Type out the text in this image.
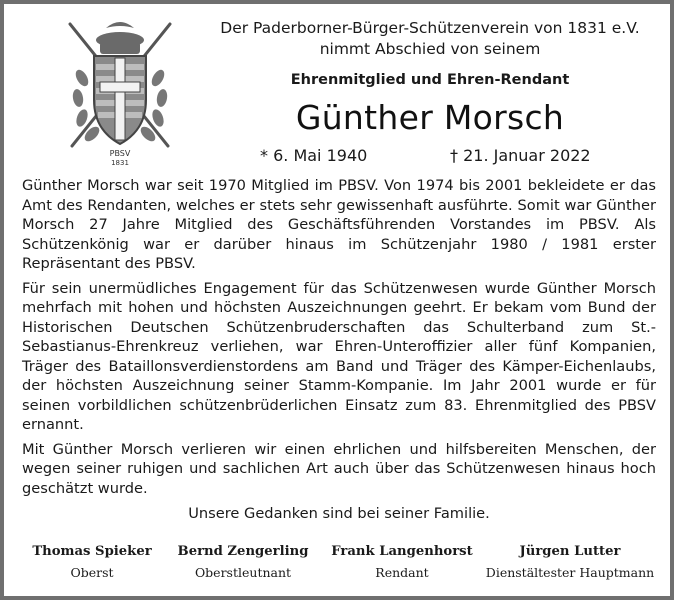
PBSV
1831
Der Paderborner-Bürger-Schützenverein von 1831 e.V.
nimmt Abschied von seinem
Ehrenmitglied und Ehren-Rendant
Günther Morsch
* 6. Mai 1940	† 21. Januar 2022

Günther Morsch war seit 1970 Mitglied im PBSV. Von 1974 bis 2001 bekleidete er das Amt des Rendanten, welches er stets sehr gewissenhaft ausführte. Somit war Günther Morsch 27 Jahre Mitglied des Geschäftsführenden Vorstandes im PBSV. Als Schützenkönig war er darüber hinaus im Schützenjahr 1980 / 1981 erster Repräsentant des PBSV.

Für sein unermüdliches Engagement für das Schützenwesen wurde Günther Morsch mehrfach mit hohen und höchsten Auszeichnungen geehrt. Er bekam vom Bund der Historischen Deutschen Schützenbruderschaften das Schulterband zum St.-Sebastianus-Ehrenkreuz verliehen, war Ehren-Unteroffizier aller fünf Kompanien, Träger des Bataillonsverdienstordens am Band und Träger des Kämper-Eichenlaubs, der höchsten Auszeichnung seiner Stamm-Kompanie. Im Jahr 2001 wurde er für seinen vorbildlichen schützenbrüderlichen Einsatz zum 83. Ehrenmitglied des PBSV ernannt.

Mit Günther Morsch verlieren wir einen ehrlichen und hilfsbereiten Menschen, der wegen seiner ruhigen und sachlichen Art auch über das Schützenwesen hinaus hoch geschätzt wurde.

Unsere Gedanken sind bei seiner Familie.
Thomas Spieker
Oberst
Bernd Zengerling
Oberstleutnant
Frank Langenhorst
Rendant
Jürgen Lutter
Dienstältester Hauptmann
